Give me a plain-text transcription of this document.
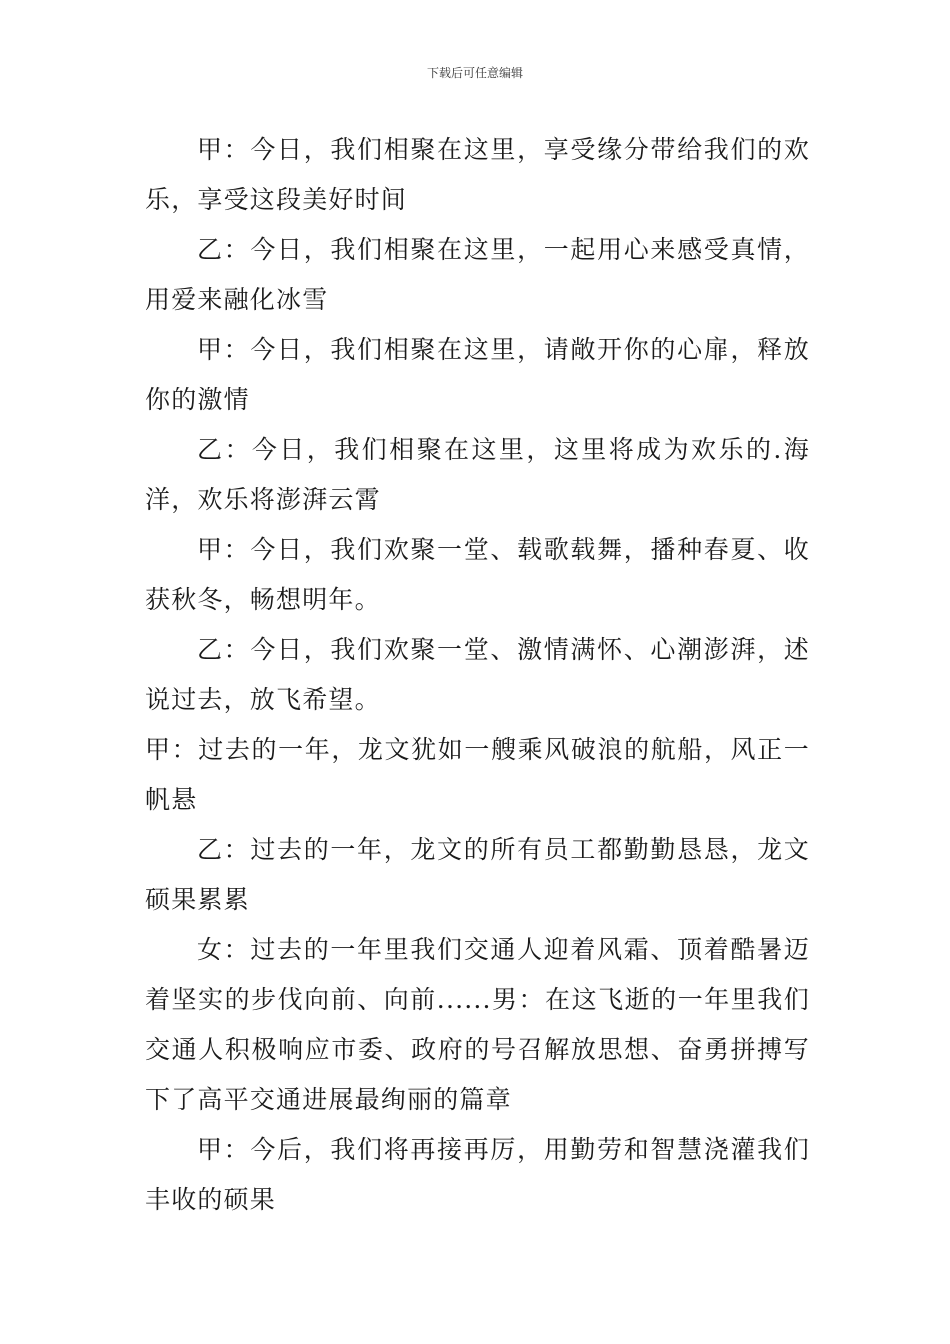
下载后可任意编辑

甲：今日，我们相聚在这里，享受缘分带给我们的欢乐，享受这段美好时间

乙：今日，我们相聚在这里，一起用心来感受真情，用爱来融化冰雪

甲：今日，我们相聚在这里，请敞开你的心扉，释放你的激情

乙：今日，我们相聚在这里，这里将成为欢乐的.海洋，欢乐将澎湃云霄

甲：今日，我们欢聚一堂、载歌载舞，播种春夏、收获秋冬，畅想明年。

乙：今日，我们欢聚一堂、激情满怀、心潮澎湃，述说过去，放飞希望。

甲：过去的一年，龙文犹如一艘乘风破浪的航船，风正一帆悬

乙：过去的一年，龙文的所有员工都勤勤恳恳，龙文硕果累累

女：过去的一年里我们交通人迎着风霜、顶着酷暑迈着坚实的步伐向前、向前......男：在这飞逝的一年里我们交通人积极响应市委、政府的号召解放思想、奋勇拼搏写下了高平交通进展最绚丽的篇章

甲：今后，我们将再接再厉，用勤劳和智慧浇灌我们丰收的硕果
